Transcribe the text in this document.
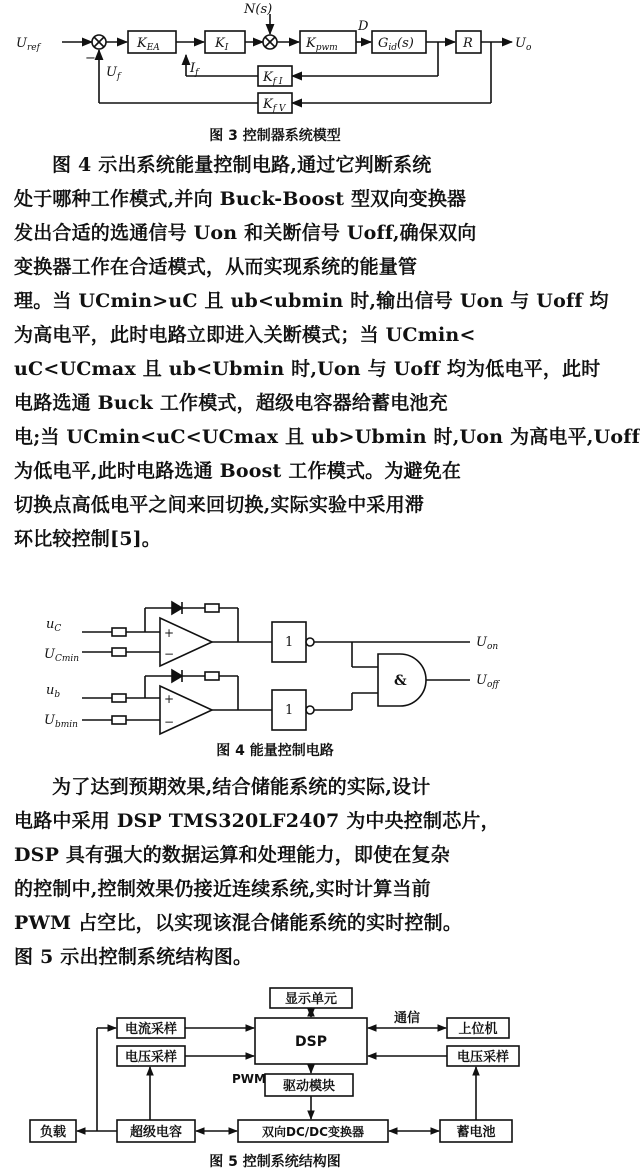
$U_{ref}$
−
$K_{EA}$	$K_I$
N(s)
$K_{pwm}$
D
$G_{id}(s)$	R	$U_o$
$U_f$
$I_f$	$K_{f I}$
$K_{f V}$
图 3 控制器系统模型
图 4 示出系统能量控制电路,通过它判断系统
处于哪种工作模式,并向 Buck-Boost 型双向变换器
发出合适的选通信号 Uon 和关断信号 Uoff,确保双向
变换器工作在合适模式，从而实现系统的能量管
理。当 UCmin>uC 且 ub<ubmin 时,输出信号 Uon 与 Uoff 均
为高电平，此时电路立即进入关断模式；当 UCmin<
uC<UCmax 且 ub<Ubmin 时,Uon 与 Uoff 均为低电平，此时
电路选通 Buck 工作模式，超级电容器给蓄电池充
电;当 UCmin<uC<UCmax 且 ub>Ubmin 时,Uon 为高电平,Uoff
为低电平,此时电路选通 Boost 工作模式。为避免在
切换点高低电平之间来回切换,实际实验中采用滞
环比较控制[5]。
$u_C$
$U_{Cmin}$
$u_b$
$U_{bmin}$
+
−
+
−
1
1
&
$U_{on}$
$U_{off}$
图 4 能量控制电路
为了达到预期效果,结合储能系统的实际,设计
电路中采用 DSP TMS320LF2407 为中央控制芯片，
DSP 具有强大的数据运算和处理能力，即使在复杂
的控制中,控制效果仍接近连续系统,实时计算当前
PWM 占空比，以实现该混合储能系统的实时控制。
图 5 示出控制系统结构图。
显示单元
DSP
电流采样
电压采样
通信
上位机
电压采样
PWM 驱动模块
负载	超级电容	双向DC/DC变换器	蓄电池
图 5 控制系统结构图
